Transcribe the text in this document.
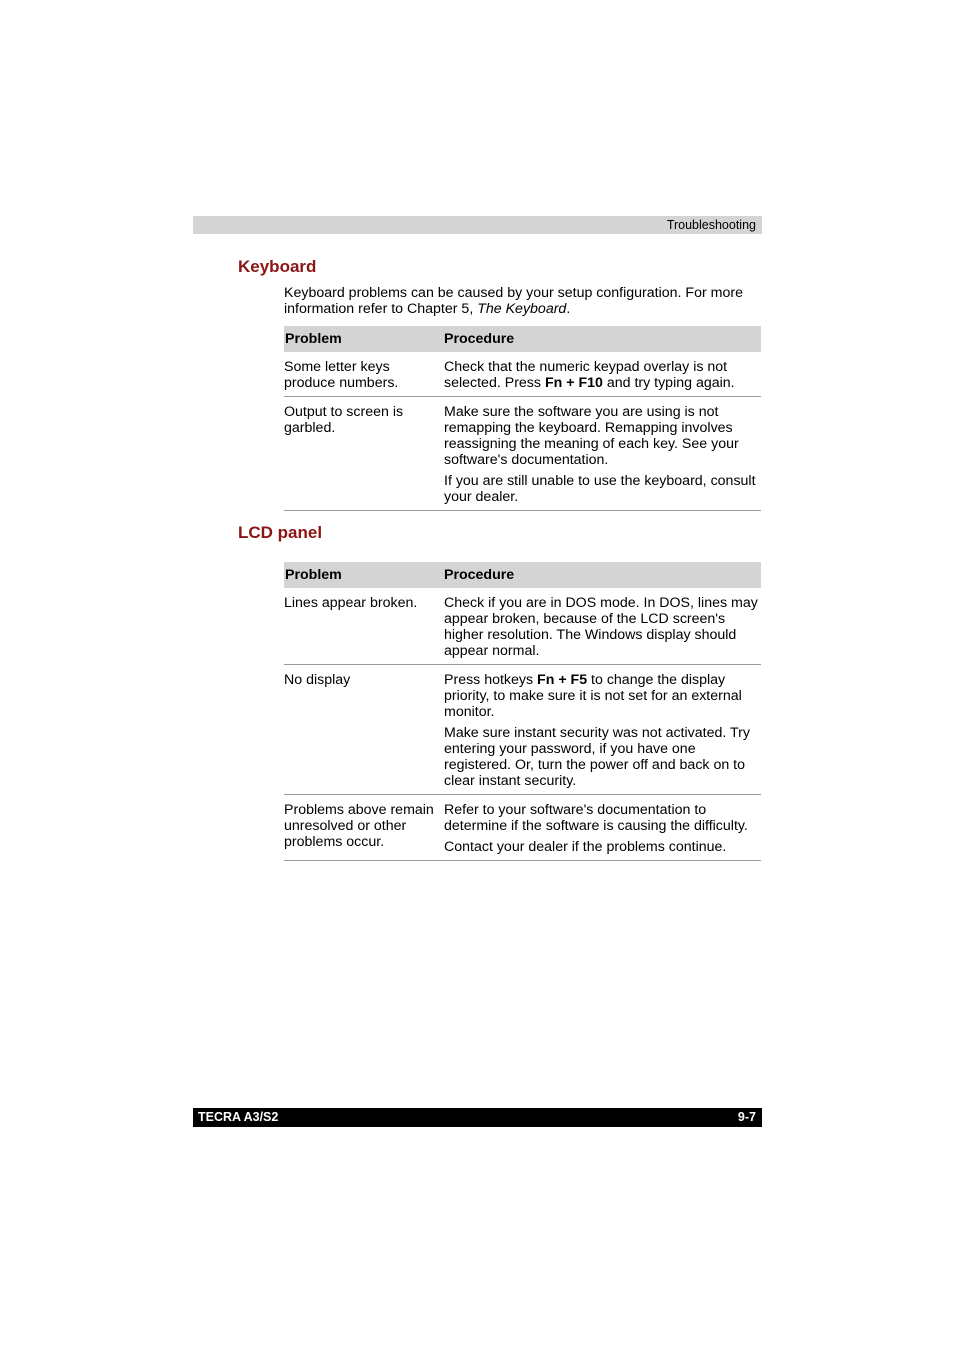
Troubleshooting
Keyboard

Keyboard problems can be caused by your setup configuration. For more information refer to Chapter 5, The Keyboard.

Problem	Procedure
Some letter keys produce numbers.	Check that the numeric keypad overlay is not selected. Press Fn + F10 and try typing again.

Output to screen is garbled.	Make sure the software you are using is not remapping the keyboard. Remapping involves reassigning the meaning of each key. See your software's documentation.

If you are still unable to use the keyboard, consult your dealer.

LCD panel
Problem	Procedure
Lines appear broken.	Check if you are in DOS mode. In DOS, lines may appear broken, because of the LCD screen's higher resolution. The Windows display should appear normal.

No display	Press hotkeys Fn + F5 to change the display priority, to make sure it is not set for an external monitor.

Make sure instant security was not activated. Try entering your password, if you have one registered. Or, turn the power off and back on to clear instant security.

Problems above remain unresolved or other problems occur.	Refer to your software's documentation to determine if the software is causing the difficulty.

Contact your dealer if the problems continue.

TECRA A3/S2	9-7
